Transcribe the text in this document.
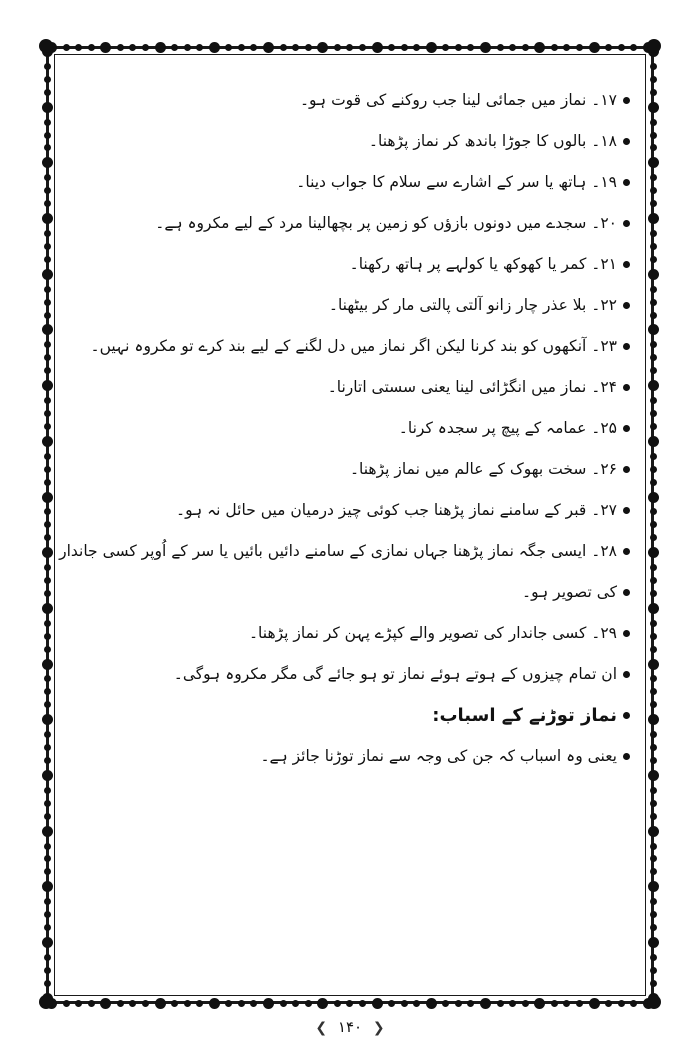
۱۷۔ نماز میں جمائی لینا جب روکنے کی قوت ہو۔
۱۸۔ بالوں کا جوڑا باندھ کر نماز پڑھنا۔
۱۹۔ ہاتھ یا سر کے اشارے سے سلام کا جواب دینا۔
۲۰۔ سجدے میں دونوں بازؤں کو زمین پر بچھالینا مرد کے لیے مکروہ ہے۔
۲۱۔ کمر یا کھوکھ یا کولہے پر ہاتھ رکھنا۔
۲۲۔ بلا عذر چار زانو آلتی پالتی مار کر بیٹھنا۔
۲۳۔ آنکھوں کو بند کرنا لیکن اگر نماز میں دل لگنے کے لیے بند کرے تو مکروہ نہیں۔
۲۴۔ نماز میں انگڑائی لینا یعنی سستی اتارنا۔
۲۵۔ عمامہ کے پیچ پر سجدہ کرنا۔
۲۶۔ سخت بھوک کے عالم میں نماز پڑھنا۔
۲۷۔ قبر کے سامنے نماز پڑھنا جب کوئی چیز درمیان میں حائل نہ ہو۔
۲۸۔ ایسی جگہ نماز پڑھنا جہاں نمازی کے سامنے دائیں بائیں یا سر کے اُوپر کسی جاندار
کی تصویر ہو۔
۲۹۔ کسی جاندار کی تصویر والے کپڑے پہن کر نماز پڑھنا۔
ان تمام چیزوں کے ہوتے ہوئے نماز تو ہو جائے گی مگر مکروہ ہوگی۔
نماز توڑنے کے اسباب:
یعنی وہ اسباب کہ جن کی وجہ سے نماز توڑنا جائز ہے۔
❮ ۱۴۰ ❯
